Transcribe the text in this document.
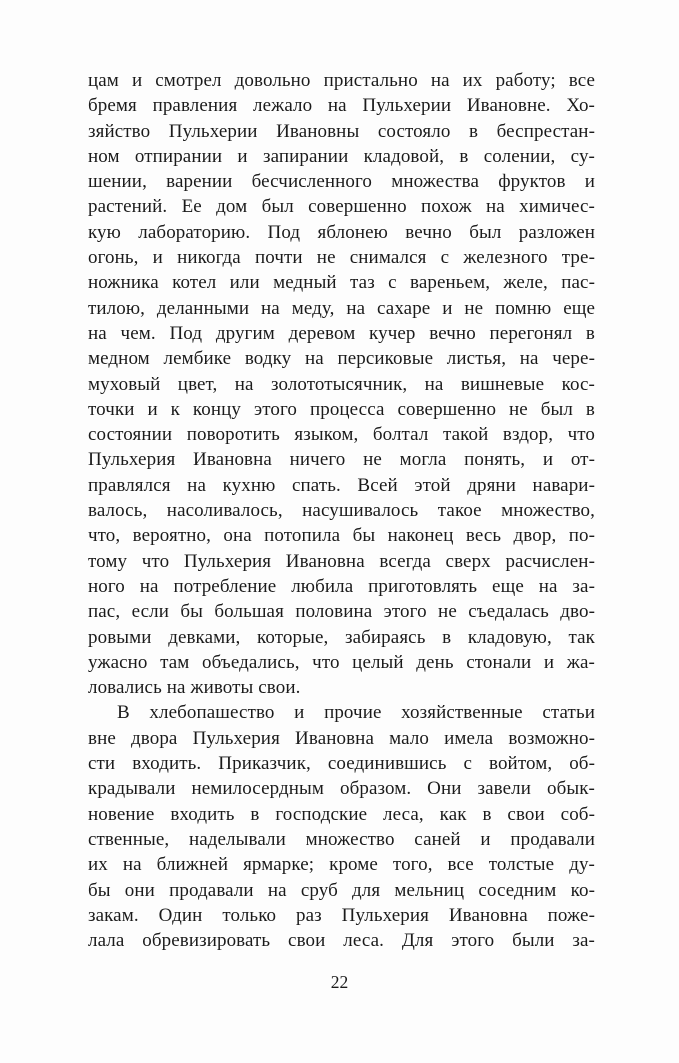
цам и смотрел довольно пристально на их работу; все
бремя правления лежало на Пульхерии Ивановне. Хо-
зяйство Пульхерии Ивановны состояло в беспрестан-
ном отпирании и запирании кладовой, в солении, су-
шении, варении бесчисленного множества фруктов и
растений. Ее дом был совершенно похож на химичес-
кую лабораторию. Под яблонею вечно был разложен
огонь, и никогда почти не снимался с железного тре-
ножника котел или медный таз с вареньем, желе, пас-
тилою, деланными на меду, на сахаре и не помню еще
на чем. Под другим деревом кучер вечно перегонял в
медном лембике водку на персиковые листья, на чере-
муховый цвет, на золототысячник, на вишневые кос-
точки и к концу этого процесса совершенно не был в
состоянии поворотить языком, болтал такой вздор, что
Пульхерия Ивановна ничего не могла понять, и от-
правлялся на кухню спать. Всей этой дряни навари-
валось, насоливалось, насушивалось такое множество,
что, вероятно, она потопила бы наконец весь двор, по-
тому что Пульхерия Ивановна всегда сверх расчислен-
ного на потребление любила приготовлять еще на за-
пас, если бы большая половина этого не съедалась дво-
ровыми девками, которые, забираясь в кладовую, так
ужасно там объедались, что целый день стонали и жа-
ловались на животы свои.
В хлебопашество и прочие хозяйственные статьи
вне двора Пульхерия Ивановна мало имела возможно-
сти входить. Приказчик, соединившись с войтом, об-
крадывали немилосердным образом. Они завели обык-
новение входить в господские леса, как в свои соб-
ственные, наделывали множество саней и продавали
их на ближней ярмарке; кроме того, все толстые ду-
бы они продавали на сруб для мельниц соседним ко-
закам. Один только раз Пульхерия Ивановна поже-
лала обревизировать свои леса. Для этого были за-
22
